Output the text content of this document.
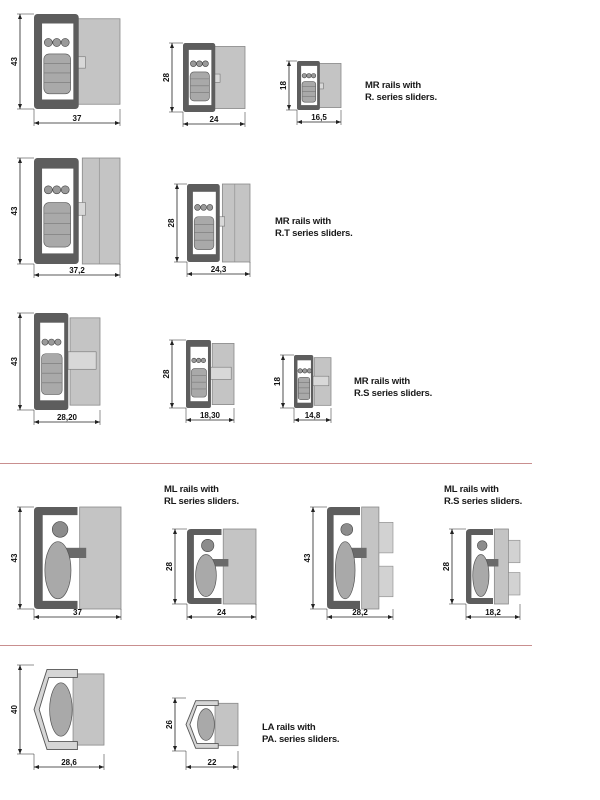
43
37
28
24
18
16,5
43
37,2
28
24,3
43
28,20
28
18,30
18
14,8
43
37
28
24
43
28,2
28
18,2
40
28,6
26
22
MR rails with
R. series sliders.
MR rails with
R.T series sliders.
MR rails with
R.S series sliders.
ML rails with
RL series sliders.
ML rails with
R.S series sliders.
LA rails with
PA. series sliders.
